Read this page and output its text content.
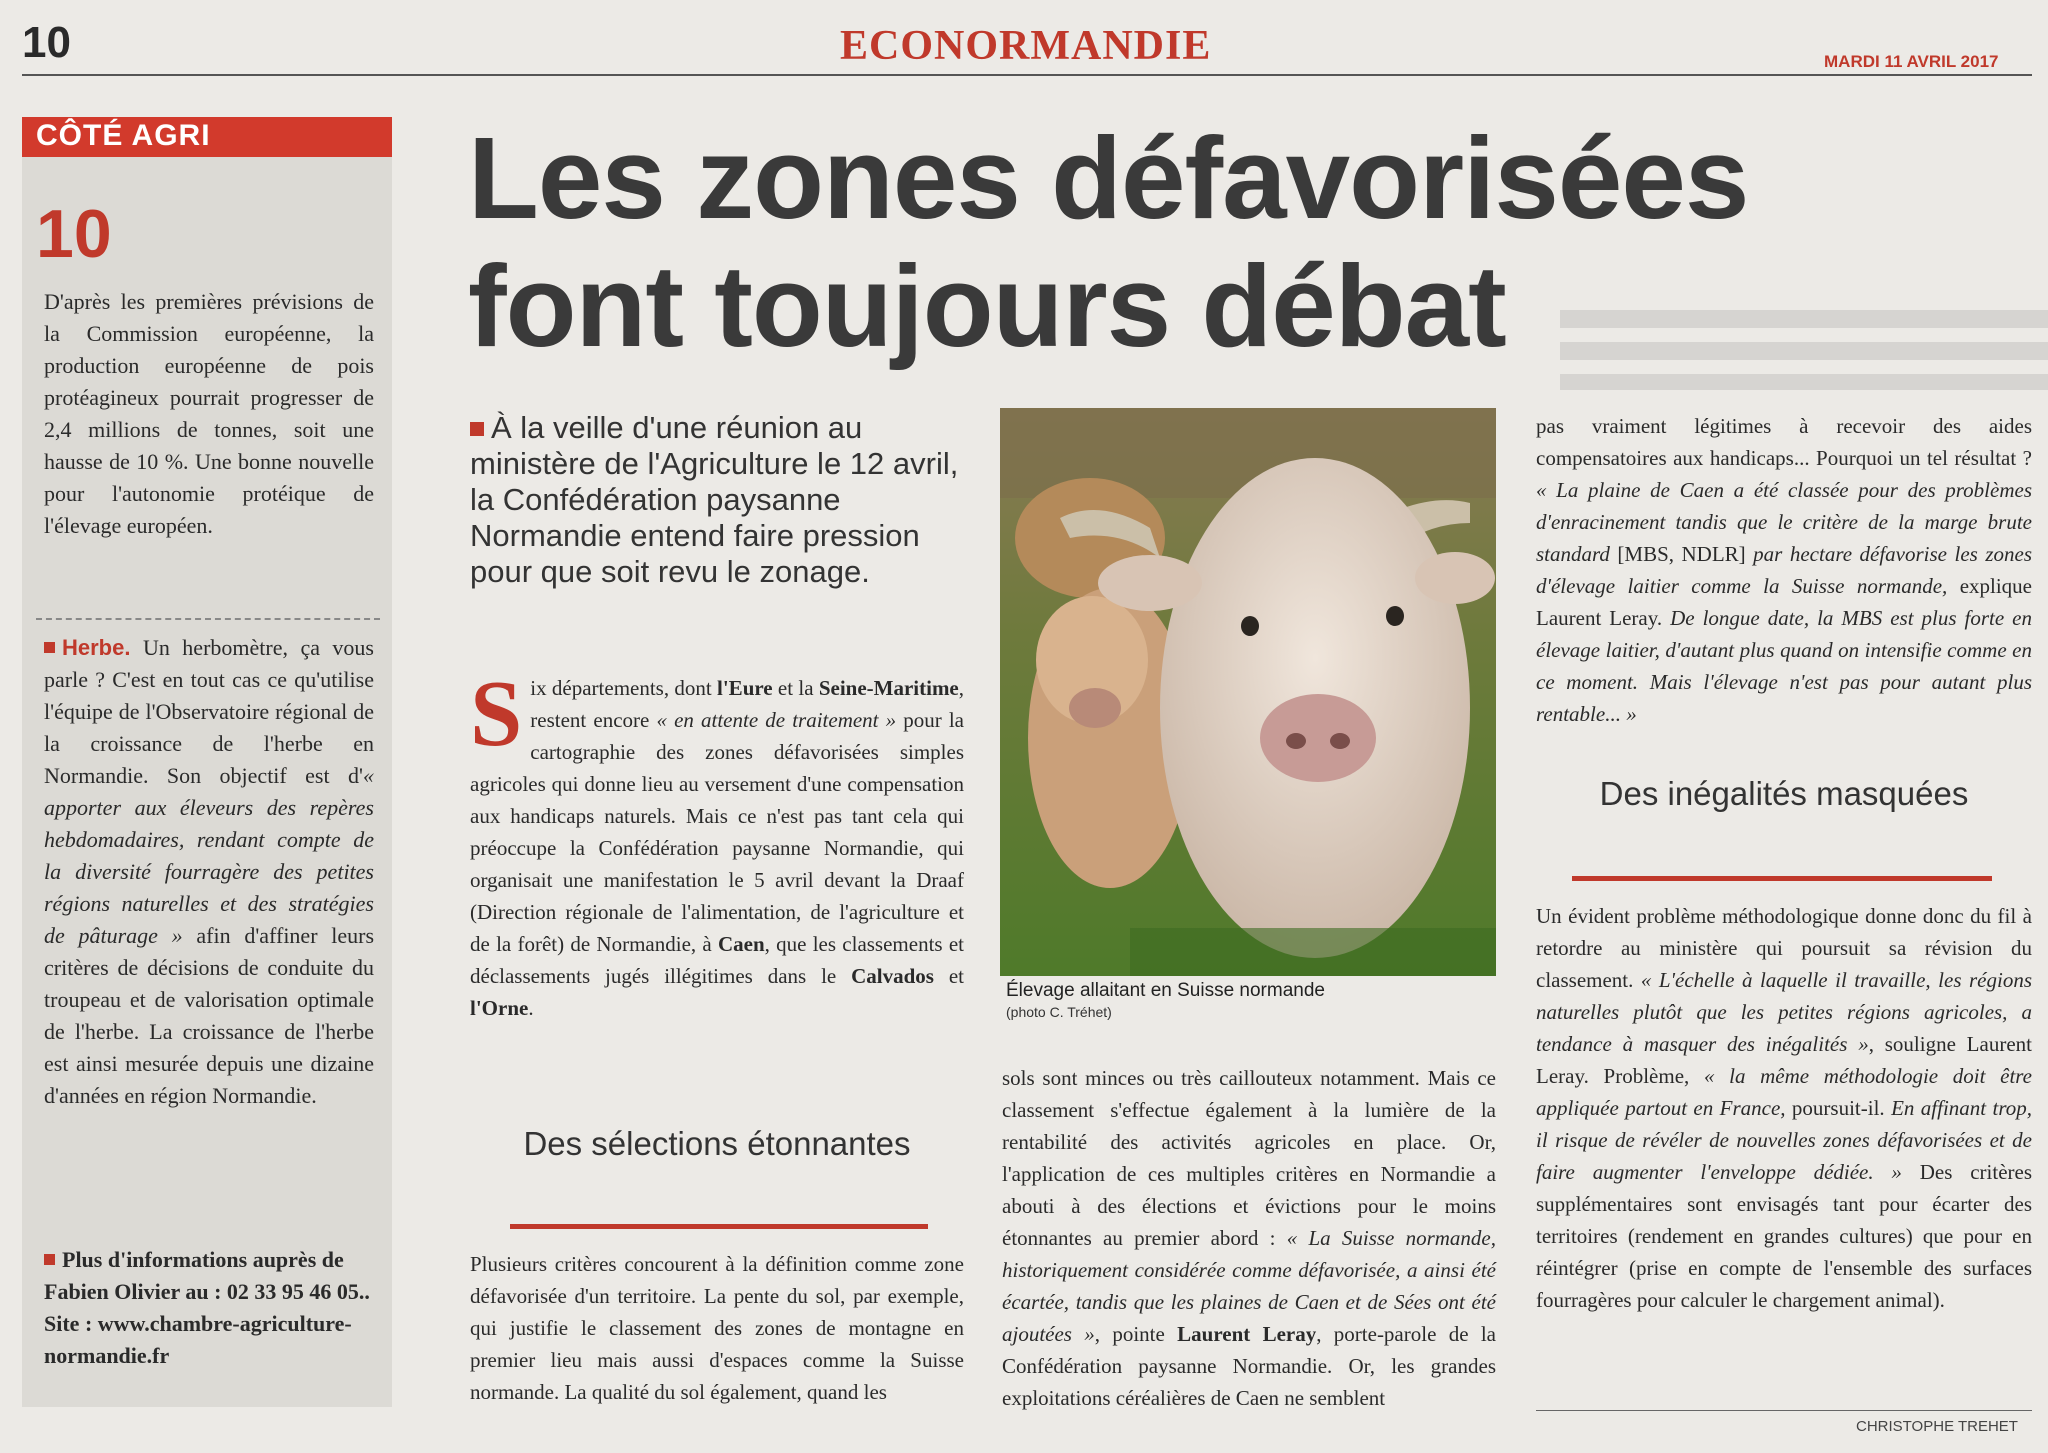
10	ECONORMANDIE	MARDI 11 AVRIL 2017
CÔTÉ AGRI
10
D'après les premières prévisions de la Commission européenne, la production européenne de pois protéagineux pourrait progresser de 2,4 millions de tonnes, soit une hausse de 10 %. Une bonne nouvelle pour l'autonomie protéique de l'élevage européen.
Herbe. Un herbomètre, ça vous parle ? C'est en tout cas ce qu'utilise l'équipe de l'Observatoire régional de la croissance de l'herbe en Normandie. Son objectif est d'« apporter aux éleveurs des repères hebdomadaires, rendant compte de la diversité fourragère des petites régions naturelles et des stratégies de pâturage » afin d'affiner leurs critères de décisions de conduite du troupeau et de valorisation optimale de l'herbe. La croissance de l'herbe est ainsi mesurée depuis une dizaine d'années en région Normandie.
Plus d'informations auprès de Fabien Olivier au : 02 33 95 46 05..
Site : www.chambre-agriculture-normandie.fr
Les zones défavorisées
font toujours débat
À la veille d'une réunion au ministère de l'Agriculture le 12 avril, la Confédération paysanne Normandie entend faire pression pour que soit revu le zonage.
Élevage allaitant en Suisse normande
(photo C. Tréhet)
Six départements, dont l'Eure et la Seine-Maritime, restent encore « en attente de traitement » pour la cartographie des zones défavorisées simples agricoles qui donne lieu au versement d'une compensation aux handicaps naturels. Mais ce n'est pas tant cela qui préoccupe la Confédération paysanne Normandie, qui organisait une manifestation le 5 avril devant la Draaf (Direction régionale de l'alimentation, de l'agriculture et de la forêt) de Normandie, à Caen, que les classements et déclassements jugés illégitimes dans le Calvados et l'Orne.
Des sélections étonnantes
Plusieurs critères concourent à la définition comme zone défavorisée d'un territoire. La pente du sol, par exemple, qui justifie le classement des zones de montagne en premier lieu mais aussi d'espaces comme la Suisse normande. La qualité du sol également, quand les
sols sont minces ou très caillouteux notamment. Mais ce classement s'effectue également à la lumière de la rentabilité des activités agricoles en place. Or, l'application de ces multiples critères en Normandie a abouti à des élections et évictions pour le moins étonnantes au premier abord : « La Suisse normande, historiquement considérée comme défavorisée, a ainsi été écartée, tandis que les plaines de Caen et de Sées ont été ajoutées », pointe Laurent Leray, porte-parole de la Confédération paysanne Normandie. Or, les grandes exploitations céréalières de Caen ne semblent
pas vraiment légitimes à recevoir des aides compensatoires aux handicaps... Pourquoi un tel résultat ? « La plaine de Caen a été classée pour des problèmes d'enracinement tandis que le critère de la marge brute standard [MBS, NDLR] par hectare défavorise les zones d'élevage laitier comme la Suisse normande, explique Laurent Leray. De longue date, la MBS est plus forte en élevage laitier, d'autant plus quand on intensifie comme en ce moment. Mais l'élevage n'est pas pour autant plus rentable... »
Des inégalités masquées
Un évident problème méthodologique donne donc du fil à retordre au ministère qui poursuit sa révision du classement. « L'échelle à laquelle il travaille, les régions naturelles plutôt que les petites régions agricoles, a tendance à masquer des inégalités », souligne Laurent Leray. Problème, « la même méthodologie doit être appliquée partout en France, poursuit-il. En affinant trop, il risque de révéler de nouvelles zones défavorisées et de faire augmenter l'enveloppe dédiée. » Des critères supplémentaires sont envisagés tant pour écarter des territoires (rendement en grandes cultures) que pour en réintégrer (prise en compte de l'ensemble des surfaces fourragères pour calculer le chargement animal).
CHRISTOPHE TREHET
